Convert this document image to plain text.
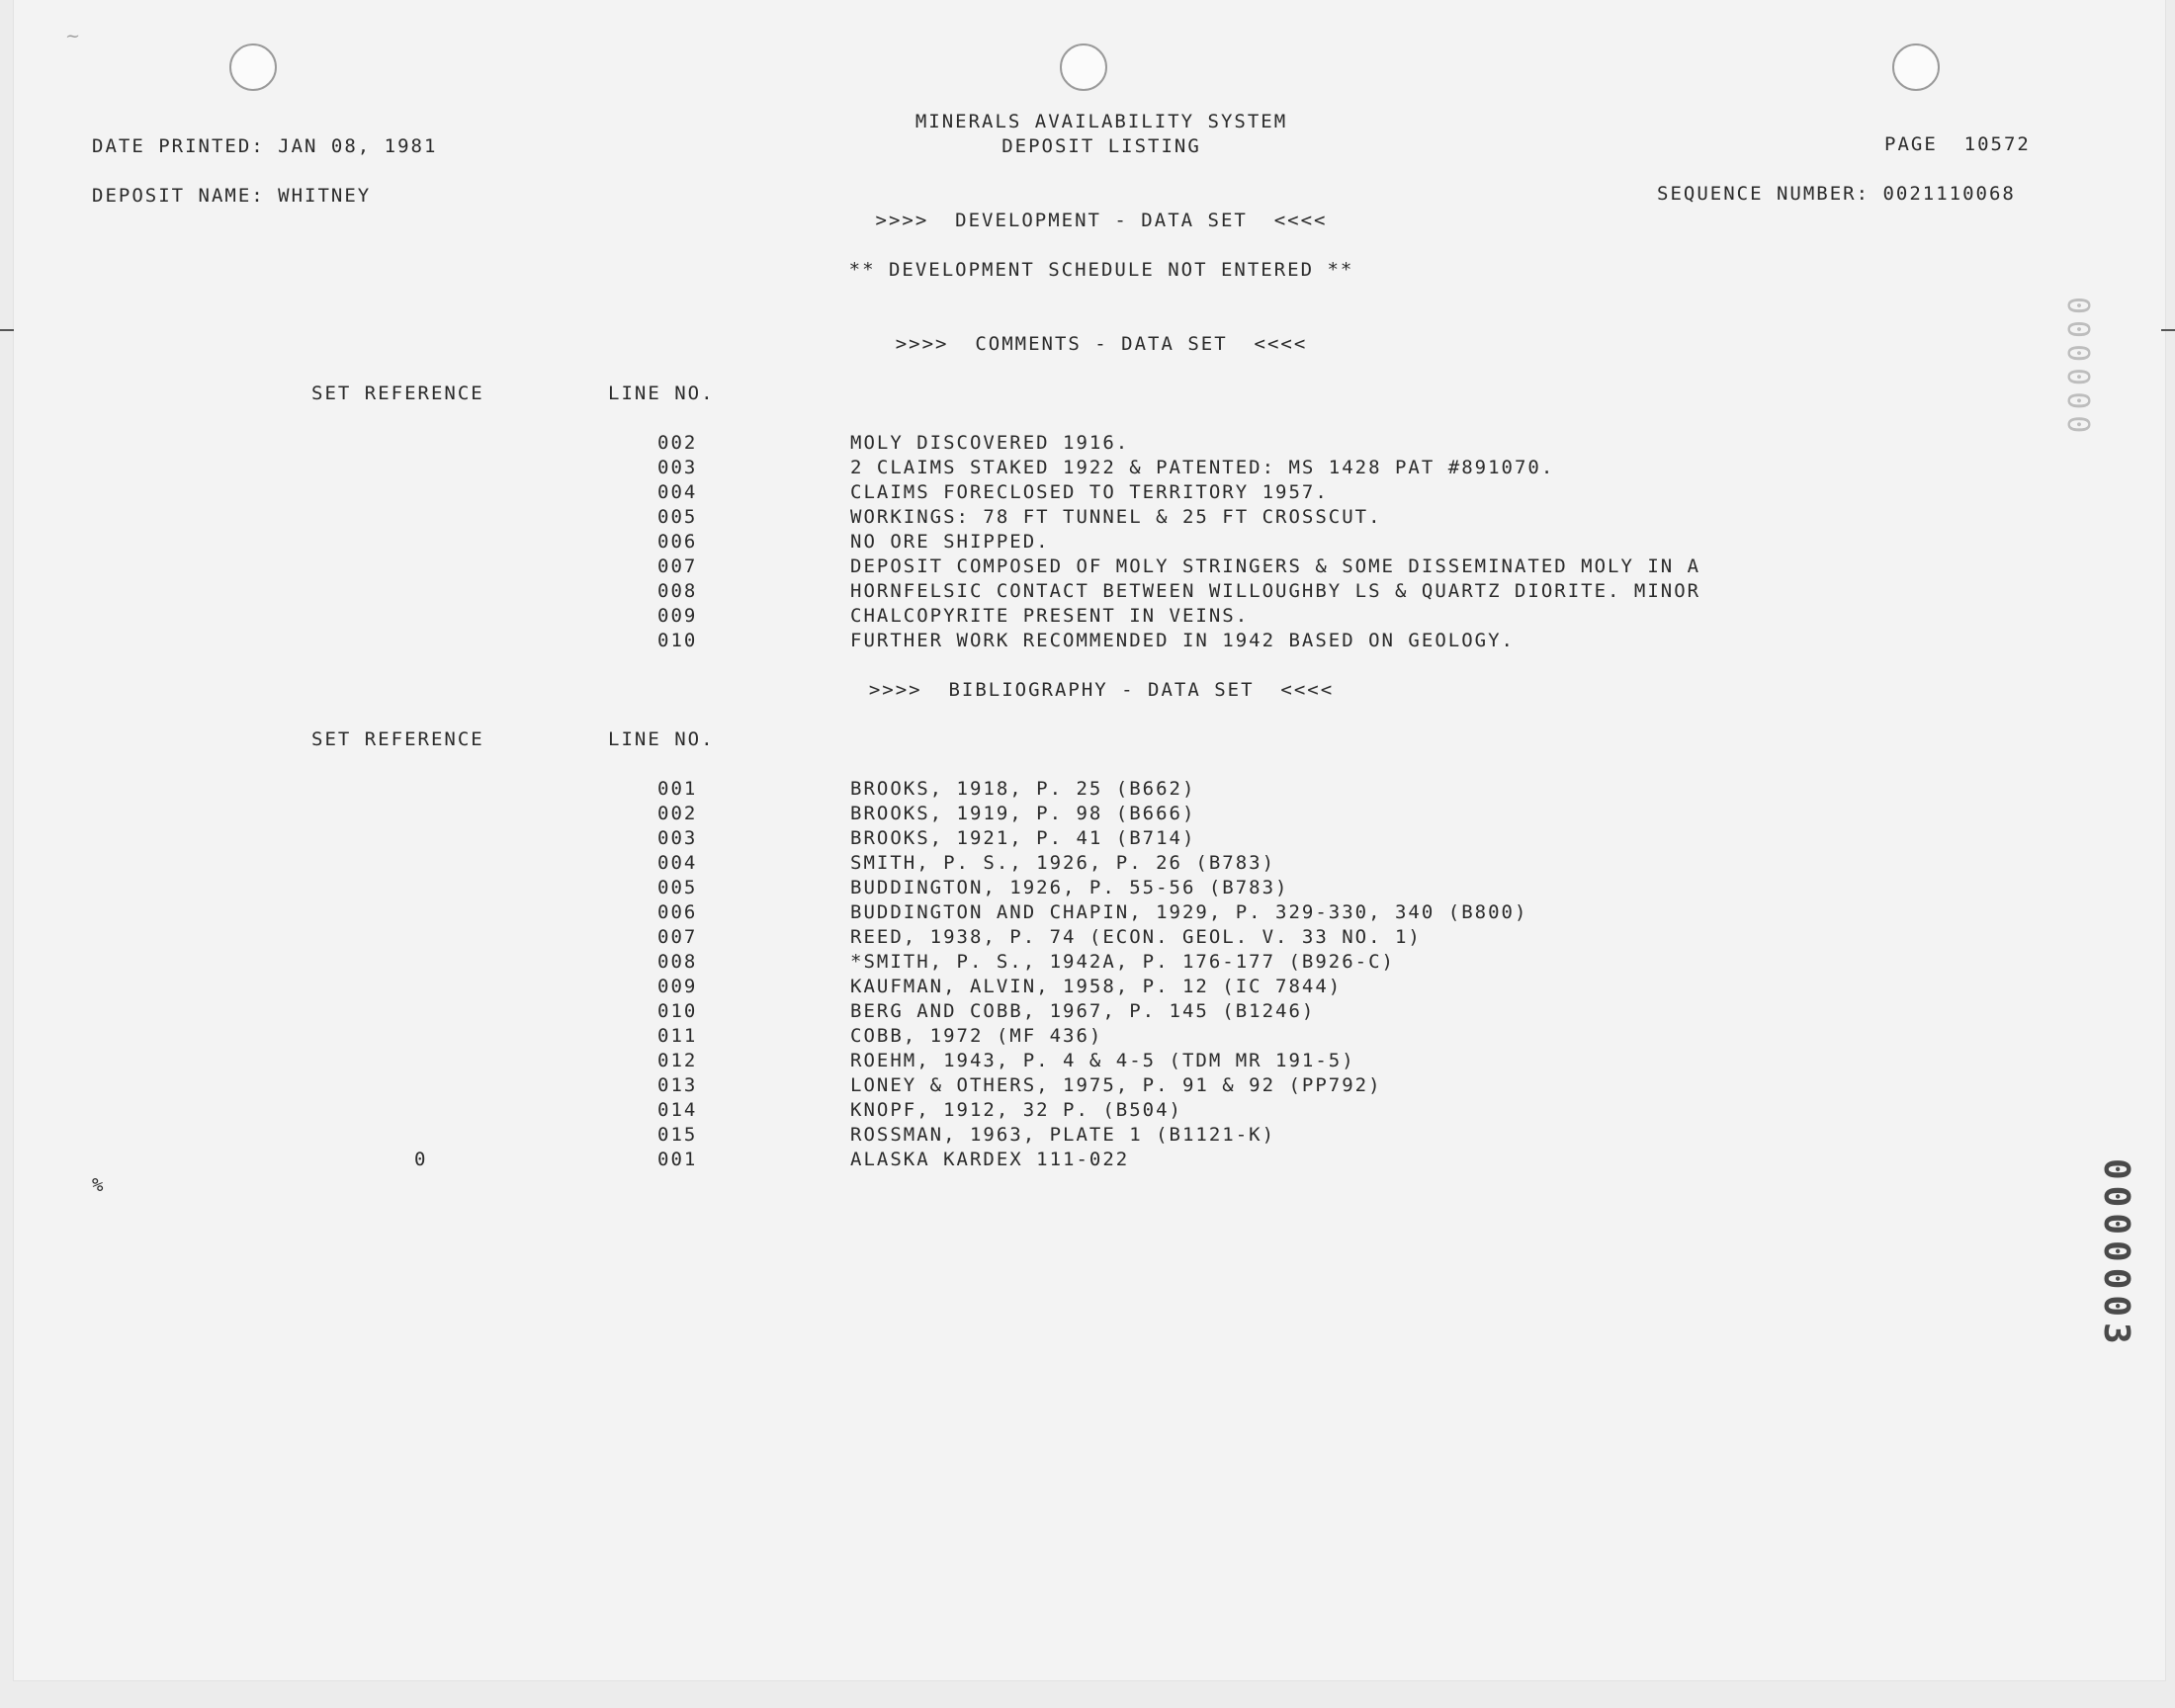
~
MINERALS AVAILABILITY SYSTEM
DEPOSIT LISTING
DATE PRINTED: JAN 08, 1981	PAGE  10572
DEPOSIT NAME: WHITNEY	SEQUENCE NUMBER: 0021110068
>>>>  DEVELOPMENT - DATA SET  <<<<
** DEVELOPMENT SCHEDULE NOT ENTERED **
>>>>  COMMENTS - DATA SET  <<<<
SET REFERENCE	LINE NO.
002	MOLY DISCOVERED 1916.
003	2 CLAIMS STAKED 1922 & PATENTED: MS 1428 PAT #891070.
004	CLAIMS FORECLOSED TO TERRITORY 1957.
005	WORKINGS: 78 FT TUNNEL & 25 FT CROSSCUT.
006	NO ORE SHIPPED.
007	DEPOSIT COMPOSED OF MOLY STRINGERS & SOME DISSEMINATED MOLY IN A
008	HORNFELSIC CONTACT BETWEEN WILLOUGHBY LS & QUARTZ DIORITE. MINOR
009	CHALCOPYRITE PRESENT IN VEINS.
010	FURTHER WORK RECOMMENDED IN 1942 BASED ON GEOLOGY.
>>>>  BIBLIOGRAPHY - DATA SET  <<<<
SET REFERENCE	LINE NO.
001	BROOKS, 1918, P. 25 (B662)
002	BROOKS, 1919, P. 98 (B666)
003	BROOKS, 1921, P. 41 (B714)
004	SMITH, P. S., 1926, P. 26 (B783)
005	BUDDINGTON, 1926, P. 55-56 (B783)
006	BUDDINGTON AND CHAPIN, 1929, P. 329-330, 340 (B800)
007	REED, 1938, P. 74 (ECON. GEOL. V. 33 NO. 1)
008	*SMITH, P. S., 1942A, P. 176-177 (B926-C)
009	KAUFMAN, ALVIN, 1958, P. 12 (IC 7844)
010	BERG AND COBB, 1967, P. 145 (B1246)
011	COBB, 1972 (MF 436)
012	ROEHM, 1943, P. 4 & 4-5 (TDM MR 191-5)
013	LONEY & OTHERS, 1975, P. 91 & 92 (PP792)
014	KNOPF, 1912, 32 P. (B504)
015	ROSSMAN, 1963, PLATE 1 (B1121-K)
0	001	ALASKA KARDEX 111-022
%
000000
0000003
